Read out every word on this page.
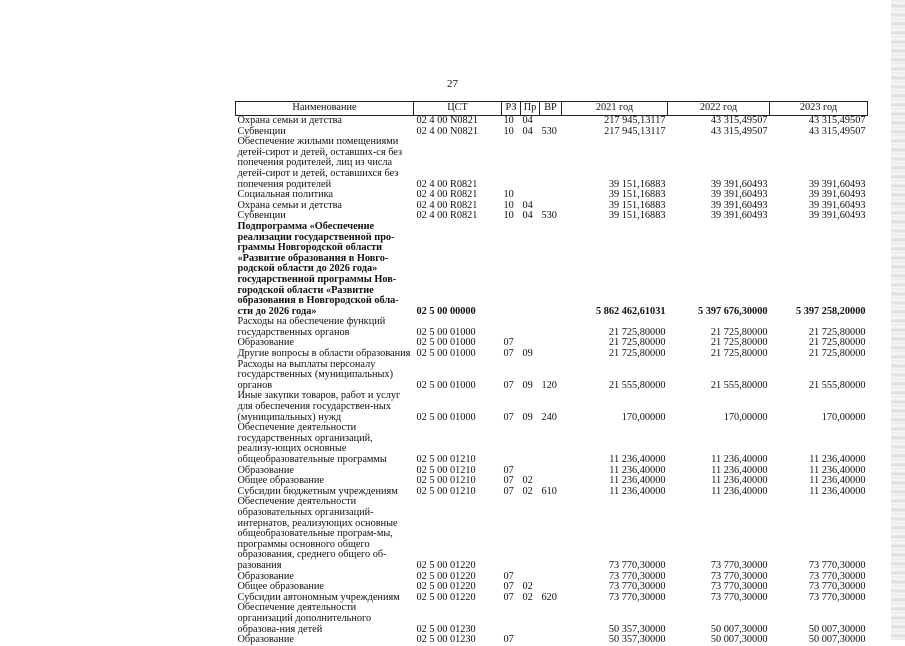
27
Наименование	ЦСТ	РЗ	Пр	ВР	2021 год	2022 год	2023 год
Охрана семьи и детства	02 4 00 N0821	10	04		217 945,13117	43 315,49507	43 315,49507
Субвенции	02 4 00 N0821	10	04	530	217 945,13117	43 315,49507	43 315,49507
Обеспечение жилыми помещениями детей-сирот и детей, оставших-ся без попечения родителей, лиц из числа детей-сирот и детей, оставшихся без попечения родителей	02 4 00 R0821				39 151,16883	39 391,60493	39 391,60493
Социальная политика	02 4 00 R0821	10			39 151,16883	39 391,60493	39 391,60493
Охрана семьи и детства	02 4 00 R0821	10	04		39 151,16883	39 391,60493	39 391,60493
Субвенции	02 4 00 R0821	10	04	530	39 151,16883	39 391,60493	39 391,60493
Подпрограмма «Обеспечение реализации государственной про-граммы Новгородской области «Развитие образования в Новго-родской области до 2026 года» государственной программы Нов-городской области «Развитие образования в Новгородской обла-сти до 2026 года»	02 5 00 00000				5 862 462,61031	5 397 676,30000	5 397 258,20000
Расходы на обеспечение функций государственных органов	02 5 00 01000				21 725,80000	21 725,80000	21 725,80000
Образование	02 5 00 01000	07			21 725,80000	21 725,80000	21 725,80000
Другие вопросы в области образования	02 5 00 01000	07	09		21 725,80000	21 725,80000	21 725,80000
Расходы на выплаты персоналу государственных (муниципальных) органов	02 5 00 01000	07	09	120	21 555,80000	21 555,80000	21 555,80000
Иные закупки товаров, работ и услуг для обеспечения государствен-ных (муниципальных) нужд	02 5 00 01000	07	09	240	170,00000	170,00000	170,00000
Обеспечение деятельности государственных организаций, реализу-ющих основные общеобразовательные программы	02 5 00 01210				11 236,40000	11 236,40000	11 236,40000
Образование	02 5 00 01210	07			11 236,40000	11 236,40000	11 236,40000
Общее образование	02 5 00 01210	07	02		11 236,40000	11 236,40000	11 236,40000
Субсидии бюджетным учреждениям	02 5 00 01210	07	02	610	11 236,40000	11 236,40000	11 236,40000
Обеспечение деятельности образовательных организаций-интернатов, реализующих основные общеобразовательные програм-мы, программы основного общего образования, среднего общего об-разования	02 5 00 01220				73 770,30000	73 770,30000	73 770,30000
Образование	02 5 00 01220	07			73 770,30000	73 770,30000	73 770,30000
Общее образование	02 5 00 01220	07	02		73 770,30000	73 770,30000	73 770,30000
Субсидии автономным учреждениям	02 5 00 01220	07	02	620	73 770,30000	73 770,30000	73 770,30000
Обеспечение деятельности организаций дополнительного образова-ния детей	02 5 00 01230				50 357,30000	50 007,30000	50 007,30000
Образование	02 5 00 01230	07			50 357,30000	50 007,30000	50 007,30000
